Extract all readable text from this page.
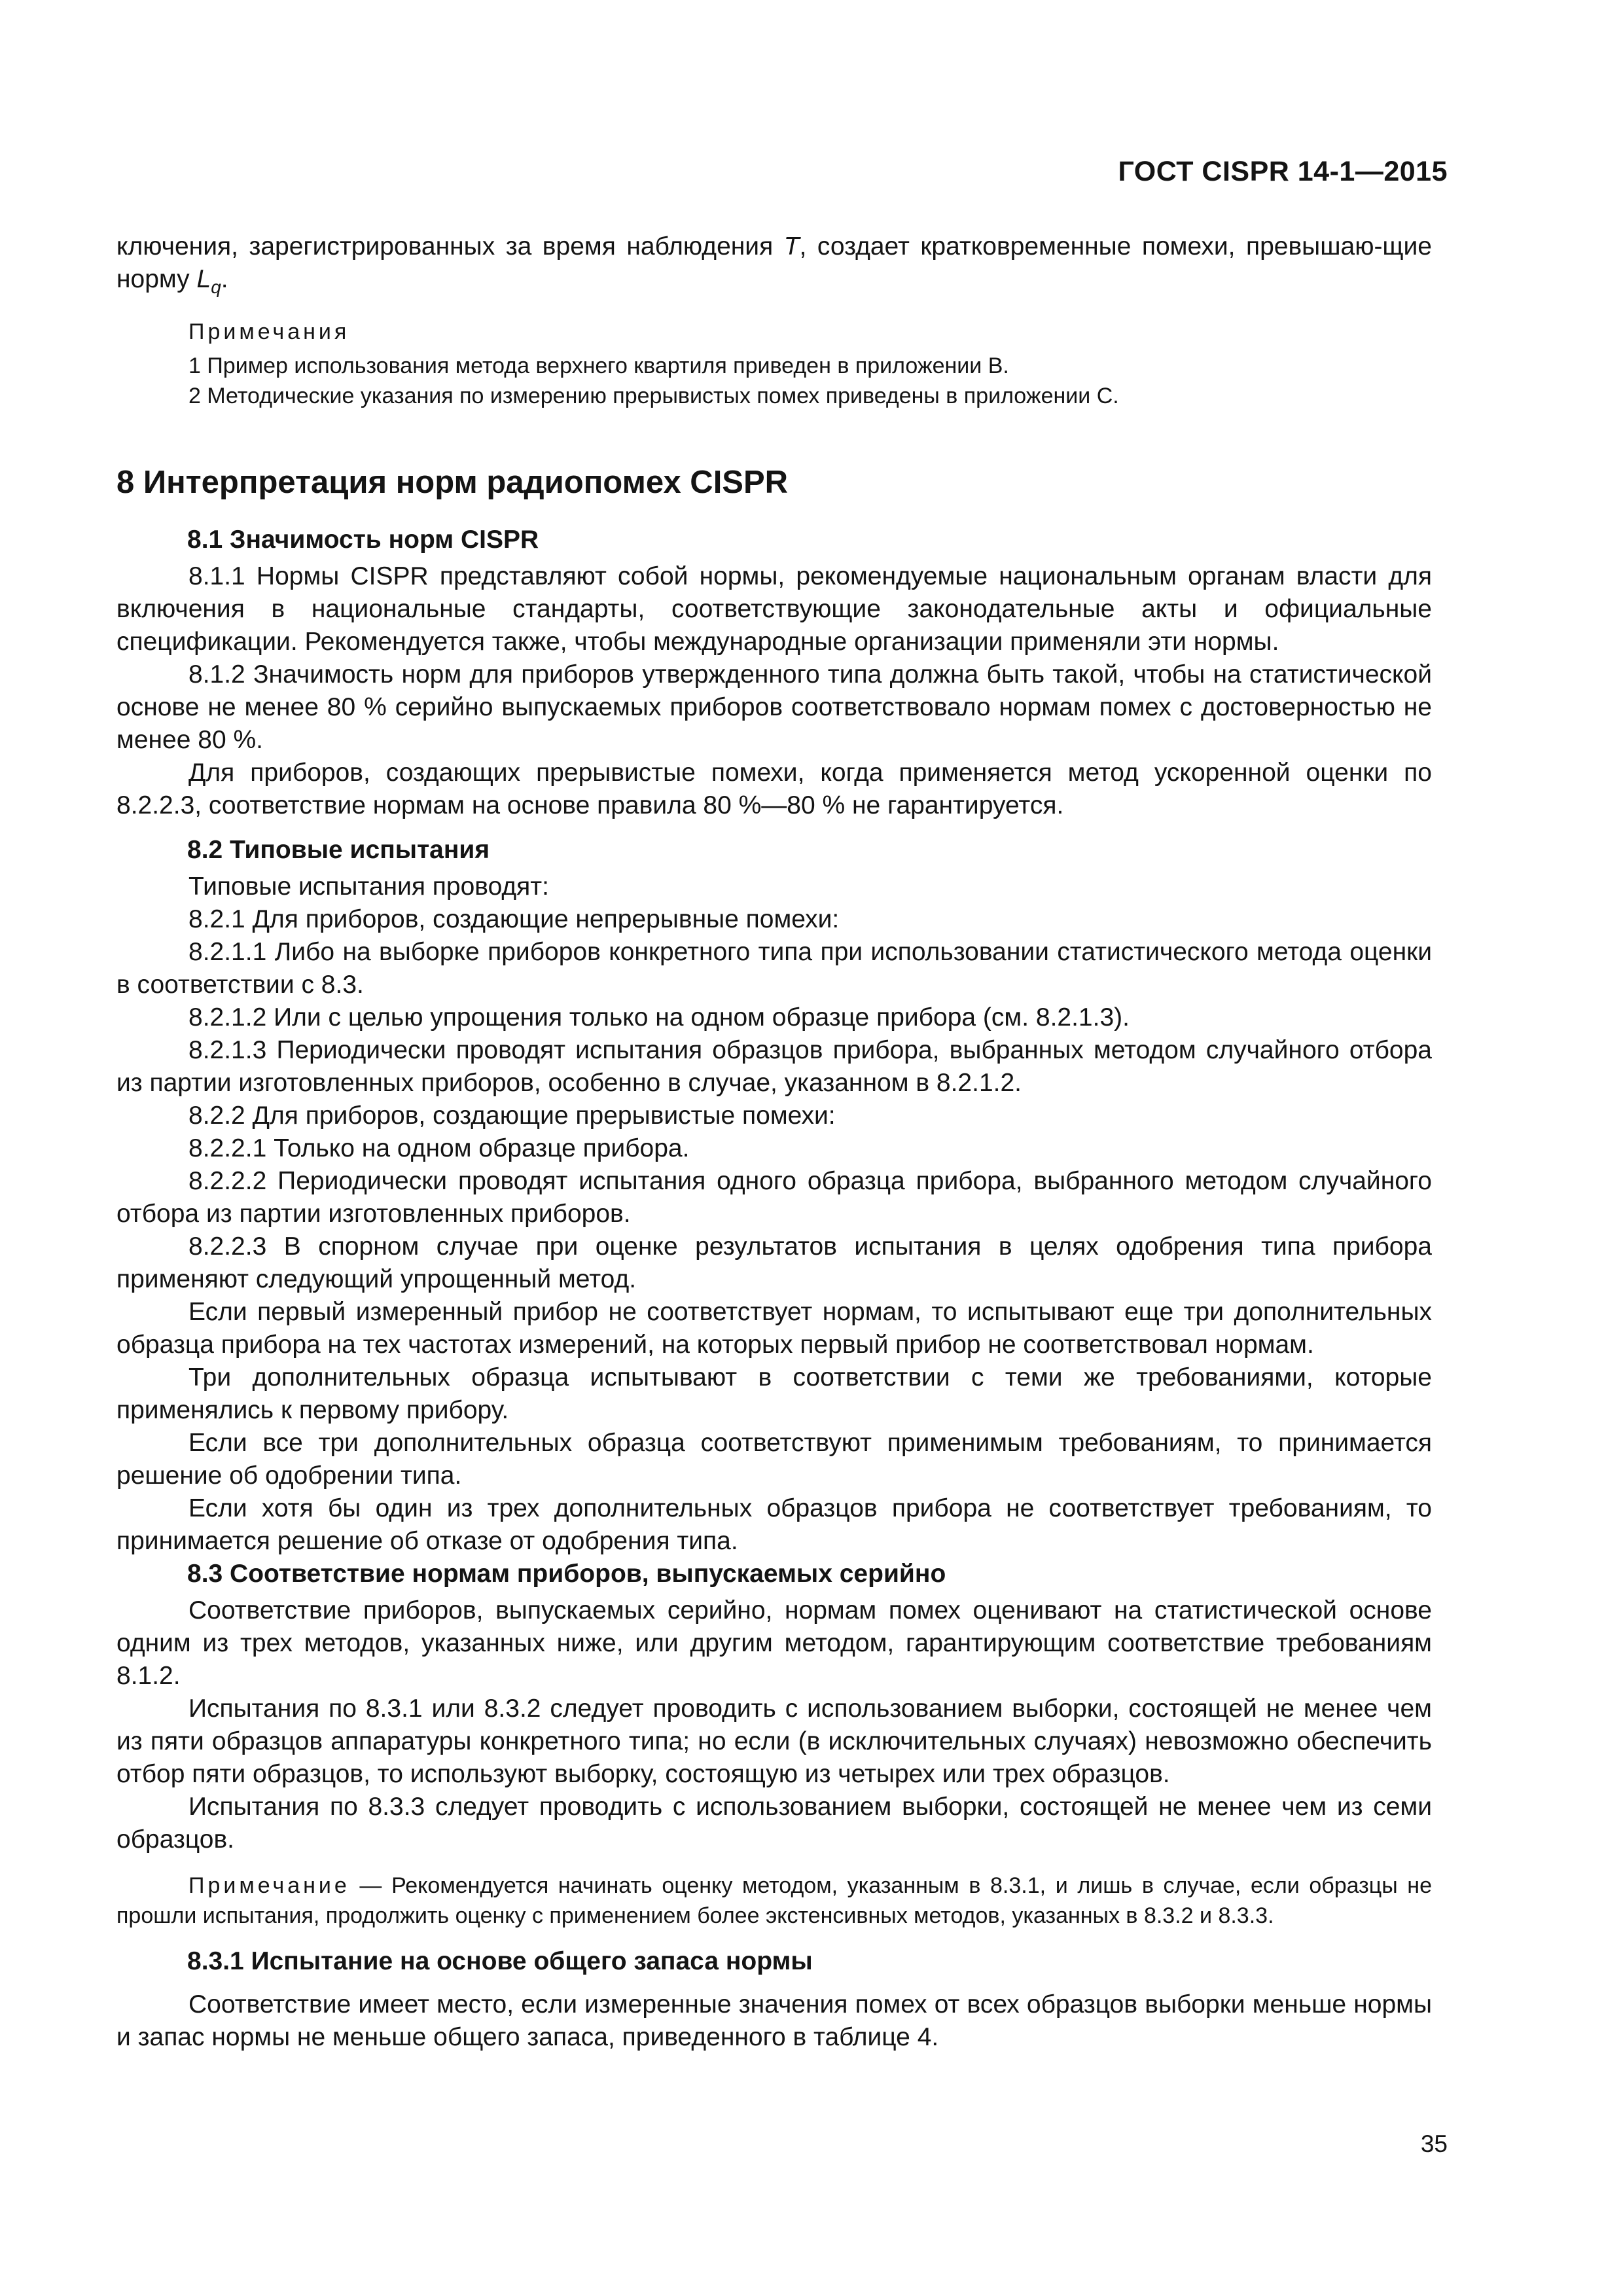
ГОСТ CISPR 14-1—2015

ключения, зарегистрированных за время наблюдения T, создает кратковременные помехи, превышаю-щие норму $L_q$.

Примечания

1 Пример использования метода верхнего квартиля приведен в приложении B.

2 Методические указания по измерению прерывистых помех приведены в приложении C.

8 Интерпретация норм радиопомех CISPR
8.1 Значимость норм CISPR

8.1.1 Нормы CISPR представляют собой нормы, рекомендуемые национальным органам власти для включения в национальные стандарты, соответствующие законодательные акты и официальные спецификации. Рекомендуется также, чтобы международные организации применяли эти нормы.

8.1.2 Значимость норм для приборов утвержденного типа должна быть такой, чтобы на статистической основе не менее 80 % серийно выпускаемых приборов соответствовало нормам помех с достоверностью не менее 80 %.

Для приборов, создающих прерывистые помехи, когда применяется метод ускоренной оценки по 8.2.2.3, соответствие нормам на основе правила 80 %—80 % не гарантируется.

8.2 Типовые испытания

Типовые испытания проводят:

8.2.1 Для приборов, создающие непрерывные помехи:

8.2.1.1 Либо на выборке приборов конкретного типа при использовании статистического метода оценки в соответствии с 8.3.

8.2.1.2 Или с целью упрощения только на одном образце прибора (см. 8.2.1.3).

8.2.1.3 Периодически проводят испытания образцов прибора, выбранных методом случайного отбора из партии изготовленных приборов, особенно в случае, указанном в 8.2.1.2.

8.2.2 Для приборов, создающие прерывистые помехи:

8.2.2.1 Только на одном образце прибора.

8.2.2.2 Периодически проводят испытания одного образца прибора, выбранного методом случайного отбора из партии изготовленных приборов.

8.2.2.3 В спорном случае при оценке результатов испытания в целях одобрения типа прибора применяют следующий упрощенный метод.

Если первый измеренный прибор не соответствует нормам, то испытывают еще три дополнительных образца прибора на тех частотах измерений, на которых первый прибор не соответствовал нормам.

Три дополнительных образца испытывают в соответствии с теми же требованиями, которые применялись к первому прибору.

Если все три дополнительных образца соответствуют применимым требованиям, то принимается решение об одобрении типа.

Если хотя бы один из трех дополнительных образцов прибора не соответствует требованиям, то принимается решение об отказе от одобрения типа.

8.3 Соответствие нормам приборов, выпускаемых серийно

Соответствие приборов, выпускаемых серийно, нормам помех оценивают на статистической основе одним из трех методов, указанных ниже, или другим методом, гарантирующим соответствие требованиям 8.1.2.

Испытания по 8.3.1 или 8.3.2 следует проводить с использованием выборки, состоящей не менее чем из пяти образцов аппаратуры конкретного типа; но если (в исключительных случаях) невозможно обеспечить отбор пяти образцов, то используют выборку, состоящую из четырех или трех образцов.

Испытания по 8.3.3 следует проводить с использованием выборки, состоящей не менее чем из семи образцов.

Примечание — Рекомендуется начинать оценку методом, указанным в 8.3.1, и лишь в случае, если образцы не прошли испытания, продолжить оценку с применением более экстенсивных методов, указанных в 8.3.2 и 8.3.3.

8.3.1 Испытание на основе общего запаса нормы

Соответствие имеет место, если измеренные значения помех от всех образцов выборки меньше нормы и запас нормы не меньше общего запаса, приведенного в таблице 4.

35
